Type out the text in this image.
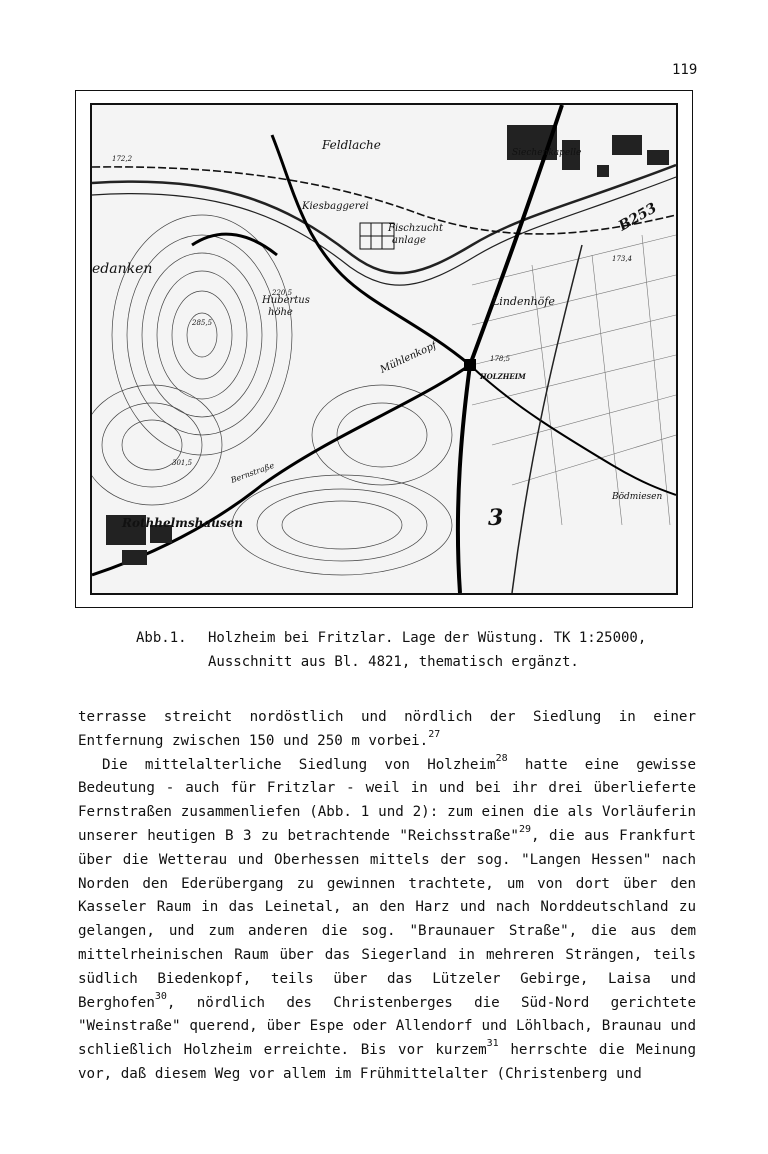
119
Feldlache
Kiesbaggerei
Fischzucht
anlage
Lindenhöfe
Hubertus
höhe
HOLZHEIM
Mühlenkopf
Rothhelmshausen
edanken
Bernstraße
B253
Siechenkapelle
Bödmiesen
3
178,5
173,4
220,5
285,5
172,2
301,5
Abb.1. Holzheim bei Fritzlar. Lage der Wüstung. TK 1:25000,
Ausschnitt aus Bl. 4821, thematisch ergänzt.

terrasse streicht nordöstlich und nördlich der Siedlung in einer Entfernung zwischen 150 und 250 m vorbei.$^{27}$

Die mittelalterliche Siedlung von Holzheim$^{28}$ hatte eine gewisse Bedeutung - auch für Fritzlar - weil in und bei ihr drei überlieferte Fernstraßen zusammenliefen (Abb. 1 und 2): zum einen die als Vorläuferin unserer heutigen B 3 zu betrachtende "Reichsstraße"$^{29}$, die aus Frankfurt über die Wetterau und Oberhessen mittels der sog. "Langen Hessen" nach Norden den Ederübergang zu gewinnen trachtete, um von dort über den Kasseler Raum in das Leinetal, an den Harz und nach Norddeutschland zu gelangen, und zum anderen die sog. "Braunauer Straße", die aus dem mittelrheinischen Raum über das Siegerland in mehreren Strängen, teils südlich Biedenkopf, teils über das Lützeler Gebirge, Laisa und Berghofen$^{30}$, nördlich des Christenberges die Süd-Nord gerichtete "Weinstraße" querend, über Espe oder Allendorf und Löhlbach, Braunau und schließlich Holzheim erreichte. Bis vor kurzem$^{31}$ herrschte die Meinung vor, daß diesem Weg vor allem im Frühmittelalter (Christenberg und
